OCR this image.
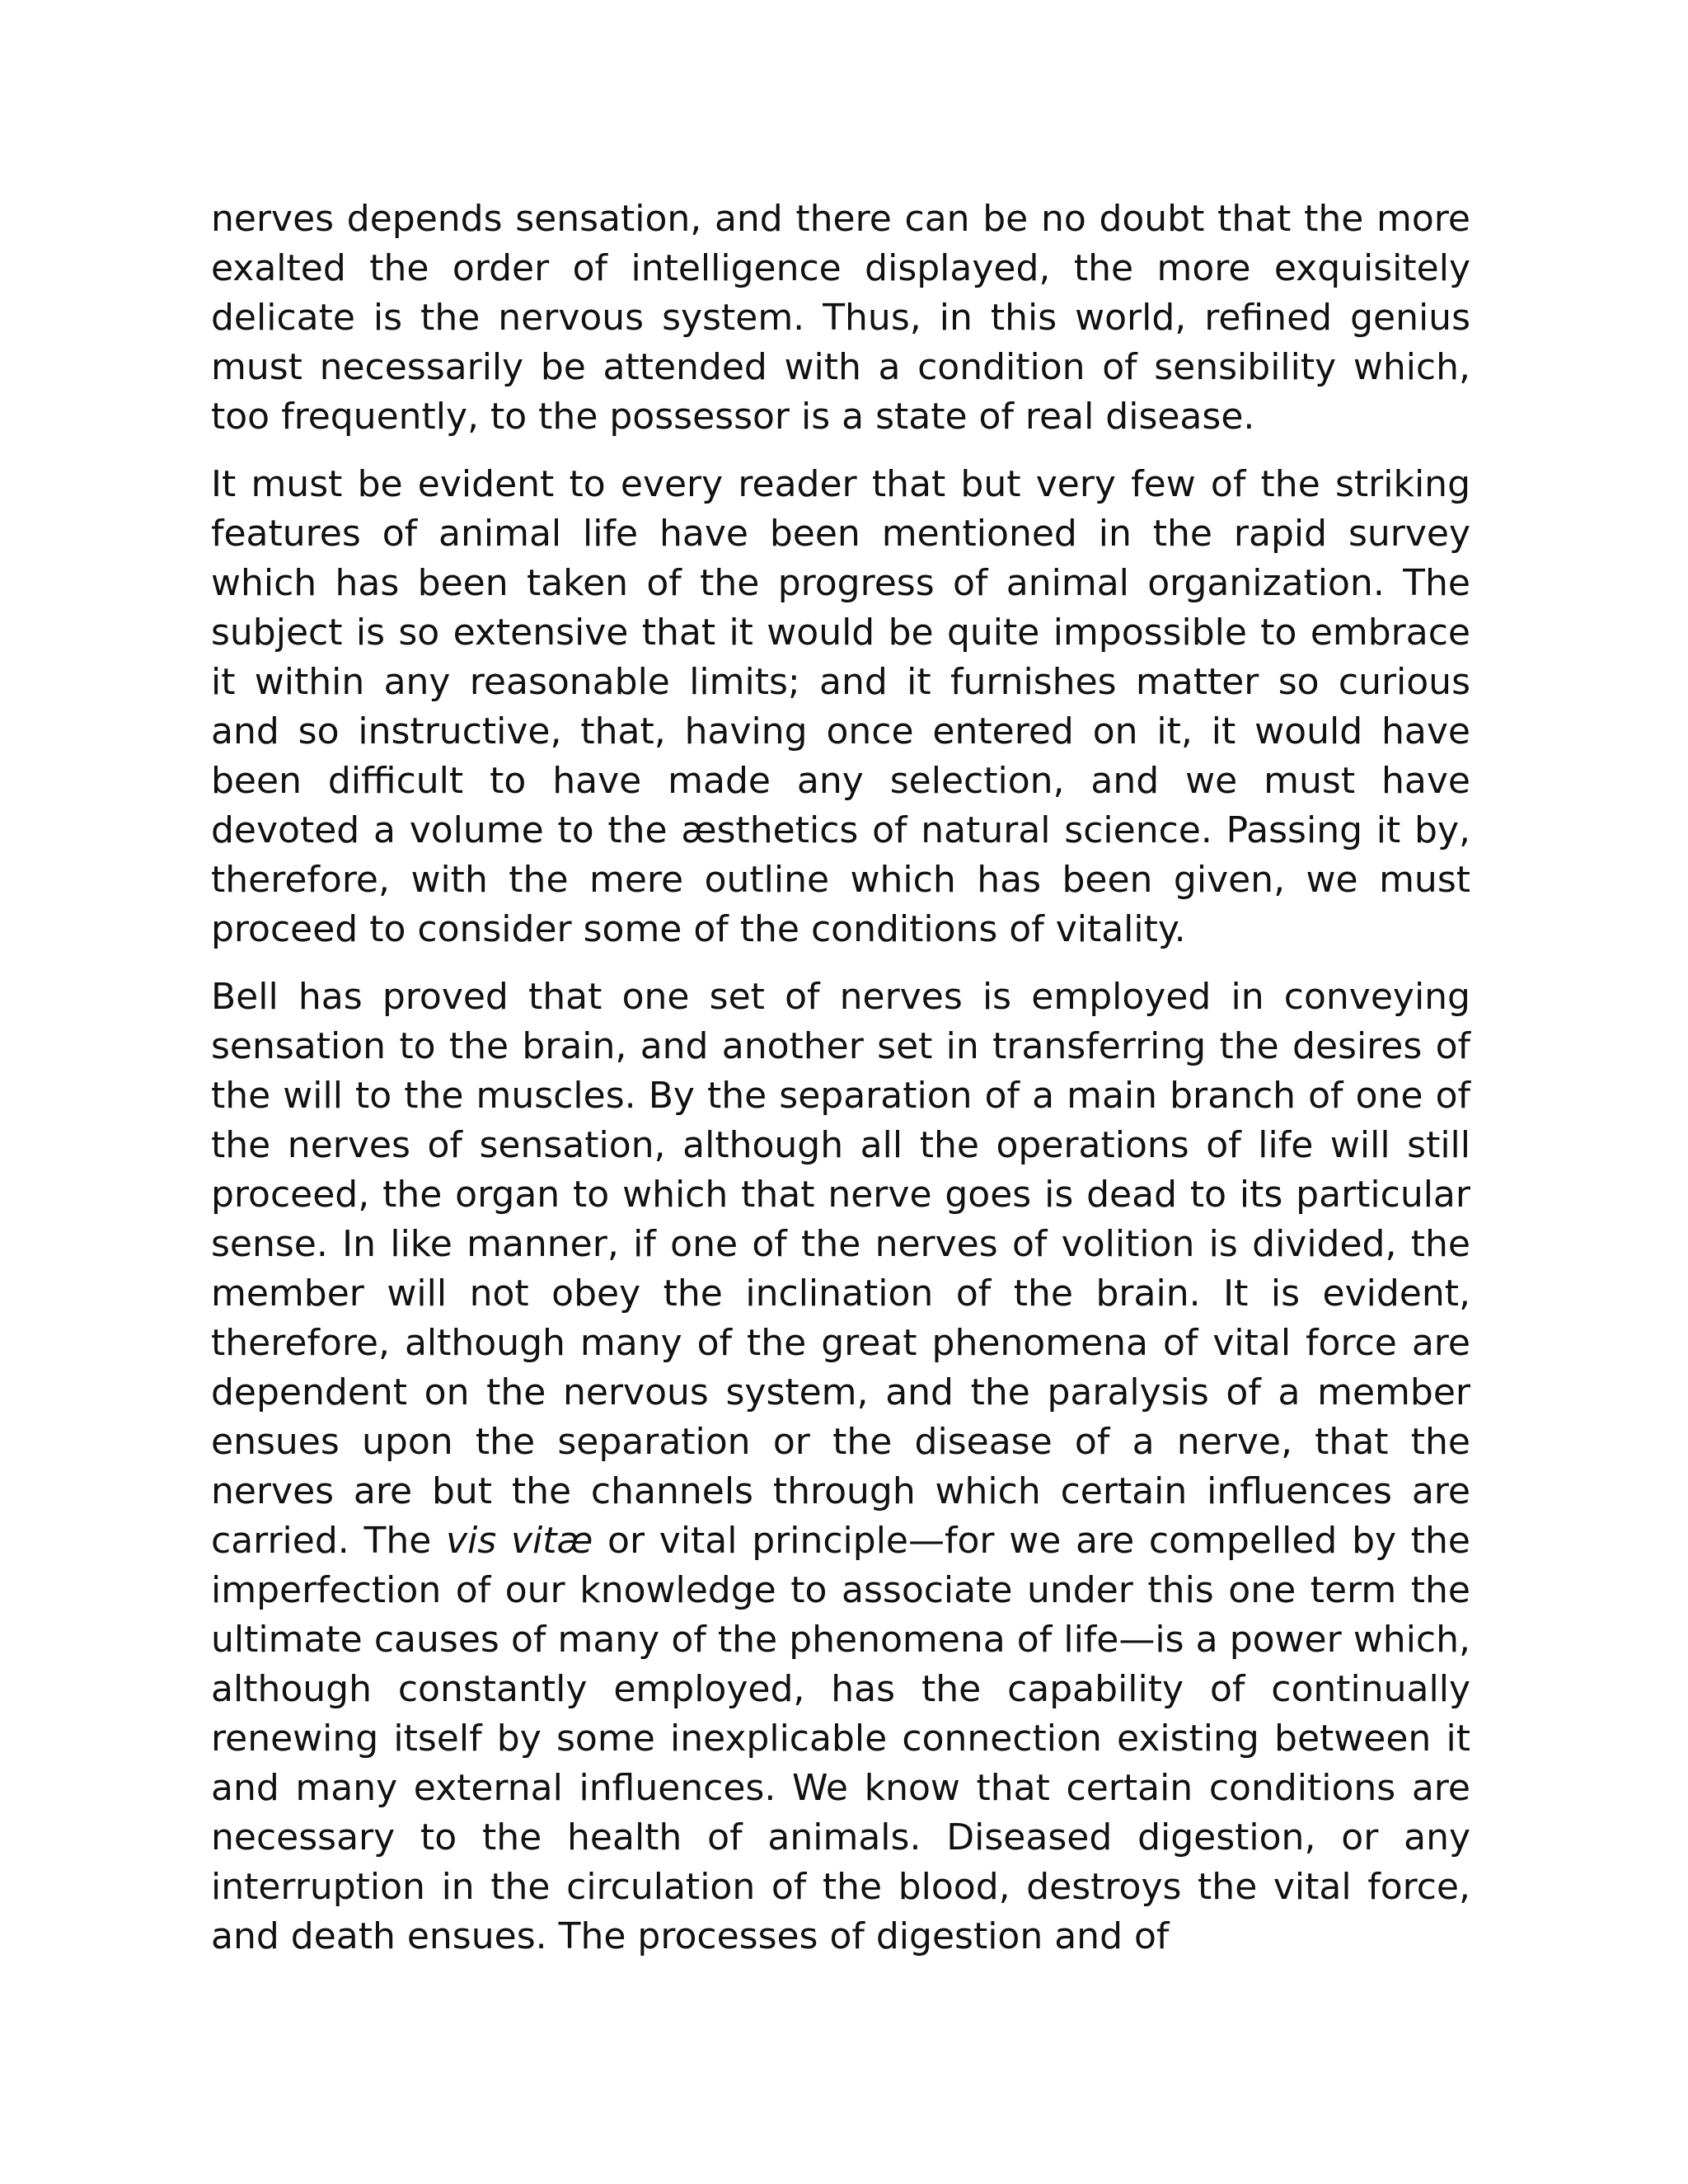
nerves depends sensation, and there can be no doubt that the more exalted the order of intelligence displayed, the more exquisitely delicate is the nervous system. Thus, in this world, refined genius must necessarily be attended with a condition of sensibility which, too frequently, to the possessor is a state of real disease.

It must be evident to every reader that but very few of the striking features of animal life have been mentioned in the rapid survey which has been taken of the progress of animal organization. The subject is so extensive that it would be quite impossible to embrace it within any reasonable limits; and it furnishes matter so curious and so instructive, that, having once entered on it, it would have been difficult to have made any selection, and we must have devoted a volume to the æsthetics of natural science. Passing it by, therefore, with the mere outline which has been given, we must proceed to consider some of the conditions of vitality.

Bell has proved that one set of nerves is employed in conveying sensation to the brain, and another set in transferring the desires of the will to the muscles. By the separation of a main branch of one of the nerves of sensation, although all the operations of life will still proceed, the organ to which that nerve goes is dead to its particular sense. In like manner, if one of the nerves of volition is divided, the member will not obey the inclination of the brain. It is evident, therefore, although many of the great phenomena of vital force are dependent on the nervous system, and the paralysis of a member ensues upon the separation or the disease of a nerve, that the nerves are but the channels through which certain influences are carried. The vis vitæ or vital principle—for we are compelled by the imperfection of our knowledge to associate under this one term the ultimate causes of many of the phenomena of life—is a power which, although constantly employed, has the capability of continually renewing itself by some inexplicable connection existing between it and many external influences. We know that certain conditions are necessary to the health of animals. Diseased digestion, or any interruption in the circulation of the blood, destroys the vital force, and death ensues. The processes of digestion and of
